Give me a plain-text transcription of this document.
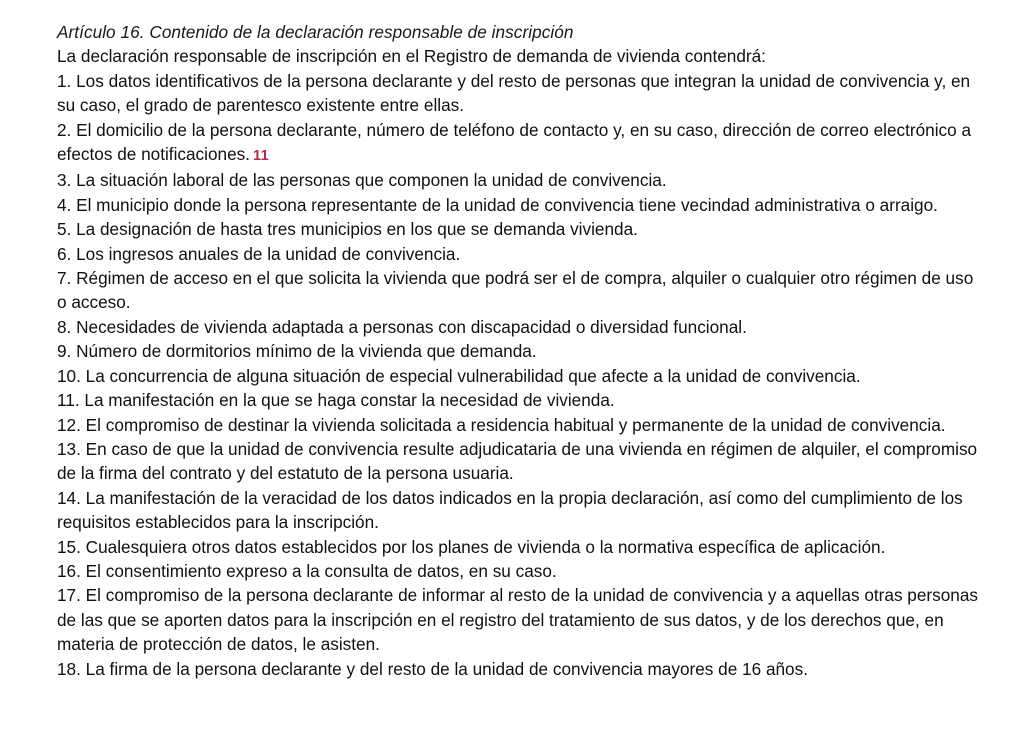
Artículo 16. Contenido de la declaración responsable de inscripción
La declaración responsable de inscripción en el Registro de demanda de vivienda contendrá:

1. Los datos identificativos de la persona declarante y del resto de personas que integran la unidad de convivencia y, en su caso, el grado de parentesco existente entre ellas.

2. El domicilio de la persona declarante, número de teléfono de contacto y, en su caso, dirección de correo electrónico a efectos de notificaciones. 11

3. La situación laboral de las personas que componen la unidad de convivencia.

4. El municipio donde la persona representante de la unidad de convivencia tiene vecindad administrativa o arraigo.

5. La designación de hasta tres municipios en los que se demanda vivienda.

6. Los ingresos anuales de la unidad de convivencia.

7. Régimen de acceso en el que solicita la vivienda que podrá ser el de compra, alquiler o cualquier otro régimen de uso o acceso.

8. Necesidades de vivienda adaptada a personas con discapacidad o diversidad funcional.

9. Número de dormitorios mínimo de la vivienda que demanda.

10. La concurrencia de alguna situación de especial vulnerabilidad que afecte a la unidad de convivencia.

11. La manifestación en la que se haga constar la necesidad de vivienda.

12. El compromiso de destinar la vivienda solicitada a residencia habitual y permanente de la unidad de convivencia.

13. En caso de que la unidad de convivencia resulte adjudicataria de una vivienda en régimen de alquiler, el compromiso de la firma del contrato y del estatuto de la persona usuaria.

14. La manifestación de la veracidad de los datos indicados en la propia declaración, así como del cumplimiento de los requisitos establecidos para la inscripción.

15. Cualesquiera otros datos establecidos por los planes de vivienda o la normativa específica de aplicación.

16. El consentimiento expreso a la consulta de datos, en su caso.

17. El compromiso de la persona declarante de informar al resto de la unidad de convivencia y a aquellas otras personas de las que se aporten datos para la inscripción en el registro del tratamiento de sus datos, y de los derechos que, en materia de protección de datos, le asisten.

18. La firma de la persona declarante y del resto de la unidad de convivencia mayores de 16 años.
